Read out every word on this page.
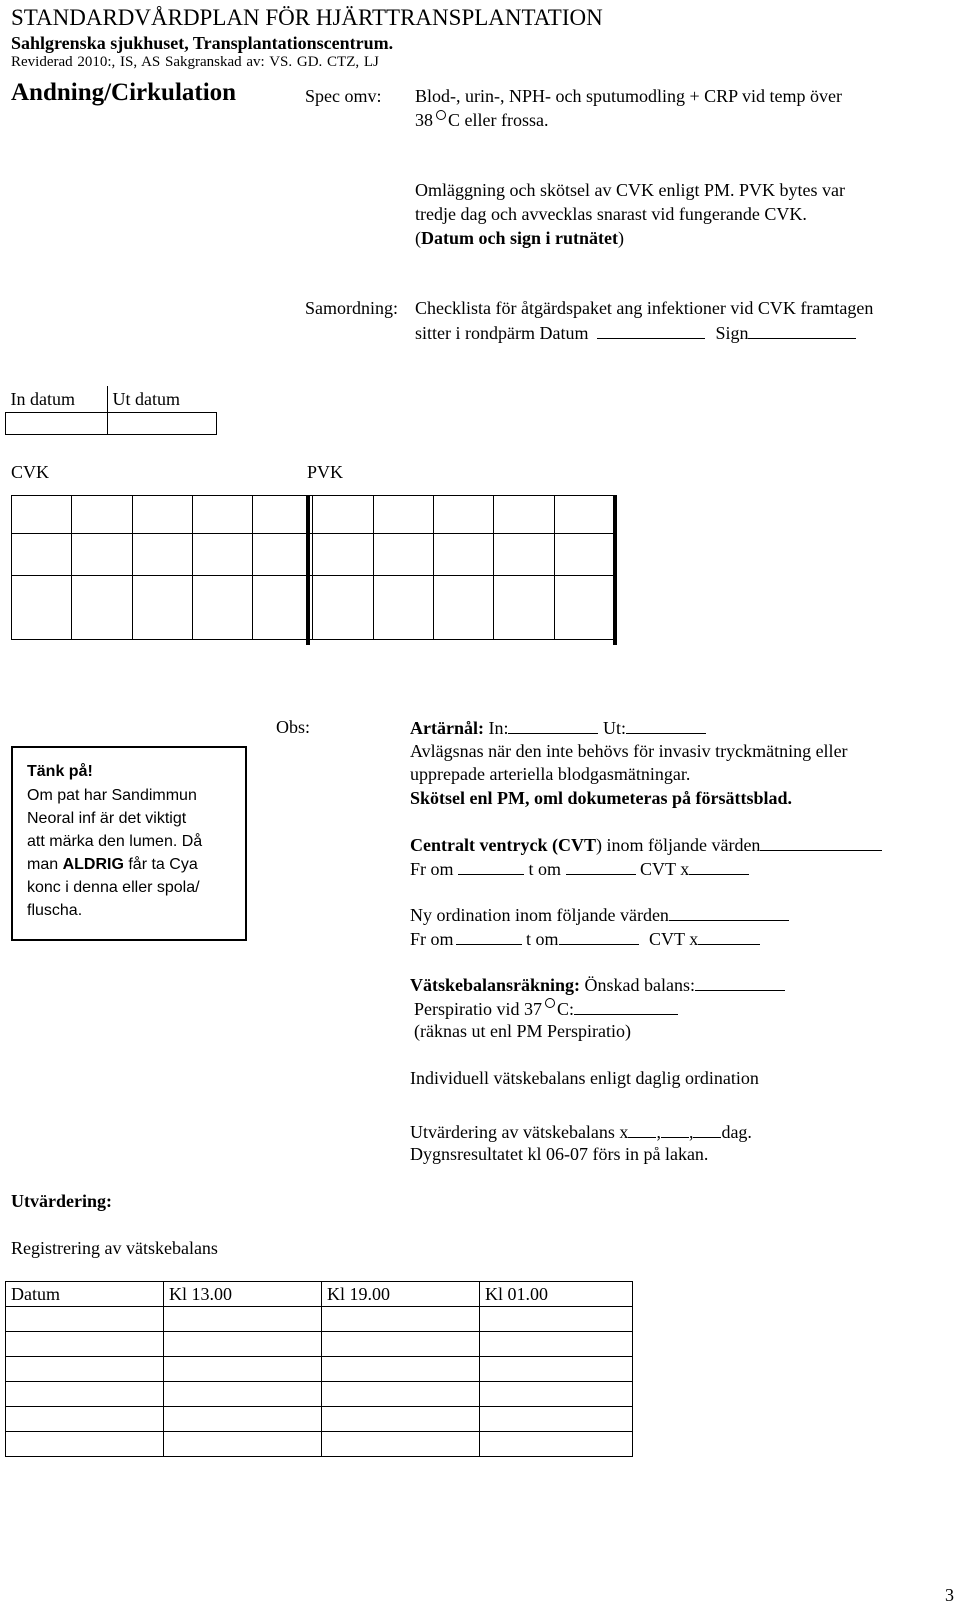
STANDARDVÅRDPLAN FÖR HJÄRTTRANSPLANTATION
Sahlgrenska sjukhuset, Transplantationscentrum.
Reviderad 2010:, IS, AS Sakgranskad av: VS. GD. CTZ, LJ
Andning/Cirkulation	Spec omv: Blod-, urin-, NPH- och sputumodling + CRP vid temp över
38 C eller frossa.
Omläggning och skötsel av CVK enligt PM. PVK bytes var
tredje dag och avvecklas snarast vid fungerande CVK.
(Datum och sign i rutnätet)
Samordning: Checklista för åtgärdspaket ang infektioner vid CVK framtagen
sitter i rondpärm Datum	Sign
In datum	Ut datum

CVK	PVK

Tänk på!
Om pat har Sandimmun
Neoral inf är det viktigt
att märka den lumen. Då
man ALDRIG får ta Cya
konc i denna eller spola/
fluscha.
Obs:	Artärnål: In:	Ut:
Avlägsnas när den inte behövs för invasiv tryckmätning eller
upprepade arteriella blodgasmätningar.
Skötsel enl PM, oml dokumeteras på försättsblad.
Centralt ventryck (CVT) inom följande värden
Fr om	t om	CVT x
Ny ordination inom följande värden
Fr om	t om	CVT x
Vätskebalansräkning: Önskad balans:
Perspiratio vid 37 C:
(räknas ut enl PM Perspiratio)
Individuell vätskebalans enligt daglig ordination
Utvärdering av vätskebalans x , , dag.
Dygnsresultatet kl 06-07 förs in på lakan.
Utvärdering:
Registrering av vätskebalans
Datum	Kl 13.00	Kl 19.00	Kl 01.00

3
